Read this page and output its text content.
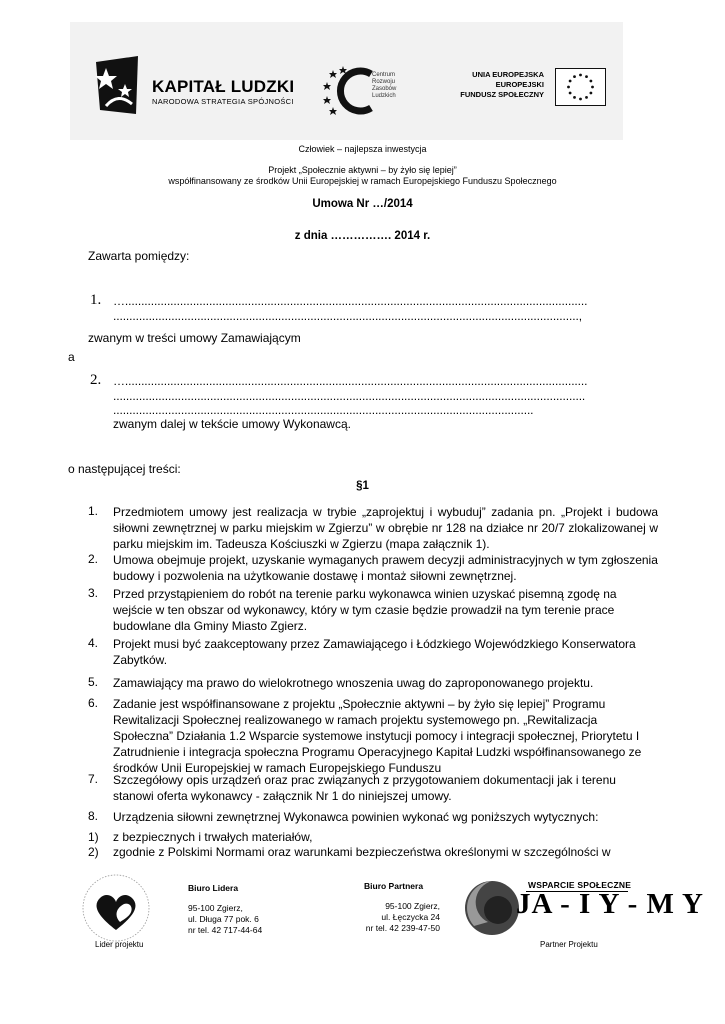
KAPITAŁ LUDZKI
NARODOWA STRATEGIA SPÓJNOŚCI
Centrum
Rozwoju
Zasobów
Ludzkich
UNIA EUROPEJSKA
EUROPEJSKI
FUNDUSZ SPOŁECZNY
Człowiek – najlepsza inwestycja
Projekt „Społecznie aktywni – by żyło się lepiej”
współfinansowany ze środków Unii Europejskiej w ramach Europejskiego Funduszu Społecznego
Umowa Nr …/2014
z dnia ……………. 2014 r.
Zawarta pomiędzy:
1. …...............................................................................................................................................
................................................................................................................................................,
zwanym w treści umowy Zamawiającym
a
2. …...............................................................................................................................................
..................................................................................................................................................
..................................................................................................................................
zwanym dalej w tekście umowy Wykonawcą.
o następującej treści:
§1
1.	Przedmiotem umowy jest realizacja w trybie „zaprojektuj i wybuduj” zadania pn. „Projekt i budowa siłowni zewnętrznej w parku miejskim w Zgierzu” w obrębie nr 128 na działce nr 20/7 zlokalizowanej w parku miejskim im. Tadeusza Kościuszki w Zgierzu (mapa załącznik 1).
2.	Umowa obejmuje projekt, uzyskanie wymaganych prawem decyzji administracyjnych w tym zgłoszenia budowy i pozwolenia na użytkowanie dostawę i montaż siłowni zewnętrznej.
3.	Przed przystąpieniem do robót na terenie parku wykonawca winien uzyskać pisemną zgodę na wejście w ten obszar od wykonawcy, który w tym czasie będzie prowadził na tym terenie prace budowlane dla Gminy Miasto Zgierz.
4.	Projekt musi być zaakceptowany przez Zamawiającego i Łódzkiego Wojewódzkiego Konserwatora Zabytków.
5.	Zamawiający ma prawo do wielokrotnego wnoszenia uwag do zaproponowanego projektu.
6.	Zadanie jest współfinansowane z projektu „Społecznie aktywni – by żyło się lepiej” Programu Rewitalizacji Społecznej realizowanego w ramach projektu systemowego pn. „Rewitalizacja Społeczna” Działania 1.2 Wsparcie systemowe instytucji pomocy i integracji społecznej, Priorytetu I Zatrudnienie i integracja społeczna Programu Operacyjnego Kapitał Ludzki współfinansowanego ze środków Unii Europejskiej w ramach Europejskiego Funduszu
7.	Szczegółowy opis urządzeń oraz prac związanych z przygotowaniem dokumentacji jak i terenu stanowi oferta wykonawcy - załącznik Nr 1 do niniejszej umowy.
8.	Urządzenia siłowni zewnętrznej Wykonawca powinien wykonać wg poniższych wytycznych:
1) z bezpiecznych i trwałych materiałów,
2) zgodnie z Polskimi Normami oraz warunkami bezpieczeństwa określonymi w szczególności w
Lider projektu
Biuro Lidera
95-100 Zgierz,
ul. Długa 77 pok. 6
nr tel. 42 717-44-64
Biuro Partnera
95-100 Zgierz,
ul. Łęczycka 24
nr tel. 42 239-47-50
WSPARCIE SPOŁECZNE
JA - I Y - M Y
Partner Projektu
